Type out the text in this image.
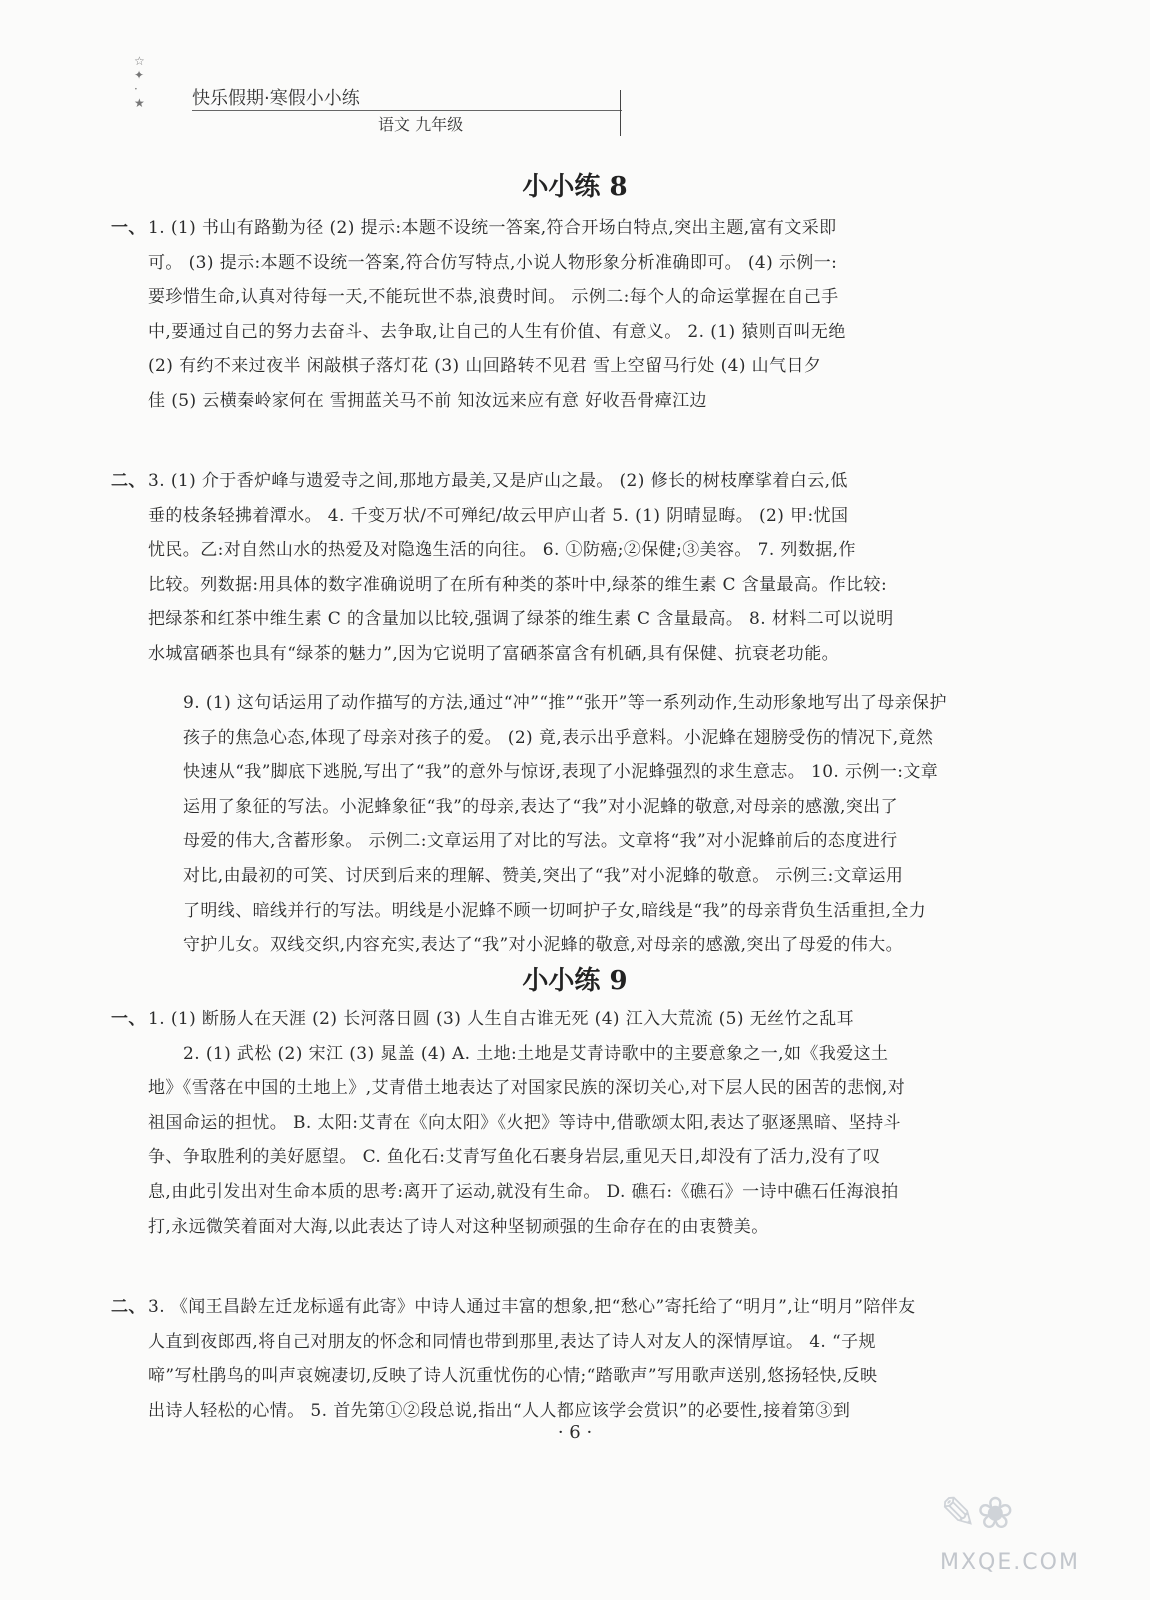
☆ ✦ · ★ 快乐假期·寒假小小练
语文 九年级
小小练 8
一、 1. (1) 书山有路勤为径 (2) 提示:本题不设统一答案,符合开场白特点,突出主题,富有文采即
可。 (3) 提示:本题不设统一答案,符合仿写特点,小说人物形象分析准确即可。 (4) 示例一:
要珍惜生命,认真对待每一天,不能玩世不恭,浪费时间。 示例二:每个人的命运掌握在自己手
中,要通过自己的努力去奋斗、去争取,让自己的人生有价值、有意义。 2. (1) 猿则百叫无绝
(2) 有约不来过夜半 闲敲棋子落灯花 (3) 山回路转不见君 雪上空留马行处 (4) 山气日夕
佳 (5) 云横秦岭家何在 雪拥蓝关马不前 知汝远来应有意 好收吾骨瘴江边
二、 3. (1) 介于香炉峰与遗爱寺之间,那地方最美,又是庐山之最。 (2) 修长的树枝摩挲着白云,低
垂的枝条轻拂着潭水。 4. 千变万状/不可殚纪/故云甲庐山者 5. (1) 阴晴显晦。 (2) 甲:忧国
忧民。乙:对自然山水的热爱及对隐逸生活的向往。 6. ①防癌;②保健;③美容。 7. 列数据,作
比较。列数据:用具体的数字准确说明了在所有种类的茶叶中,绿茶的维生素 C 含量最高。作比较:
把绿茶和红茶中维生素 C 的含量加以比较,强调了绿茶的维生素 C 含量最高。 8. 材料二可以说明
水城富硒茶也具有“绿茶的魅力”,因为它说明了富硒茶富含有机硒,具有保健、抗衰老功能。
9. (1) 这句话运用了动作描写的方法,通过“冲”“推”“张开”等一系列动作,生动形象地写出了母亲保护
孩子的焦急心态,体现了母亲对孩子的爱。 (2) 竟,表示出乎意料。小泥蜂在翅膀受伤的情况下,竟然
快速从“我”脚底下逃脱,写出了“我”的意外与惊讶,表现了小泥蜂强烈的求生意志。 10. 示例一:文章
运用了象征的写法。小泥蜂象征“我”的母亲,表达了“我”对小泥蜂的敬意,对母亲的感激,突出了
母爱的伟大,含蓄形象。 示例二:文章运用了对比的写法。文章将“我”对小泥蜂前后的态度进行
对比,由最初的可笑、讨厌到后来的理解、赞美,突出了“我”对小泥蜂的敬意。 示例三:文章运用
了明线、暗线并行的写法。明线是小泥蜂不顾一切呵护子女,暗线是“我”的母亲背负生活重担,全力
守护儿女。双线交织,内容充实,表达了“我”对小泥蜂的敬意,对母亲的感激,突出了母爱的伟大。
小小练 9
一、 1. (1) 断肠人在天涯 (2) 长河落日圆 (3) 人生自古谁无死 (4) 江入大荒流 (5) 无丝竹之乱耳
2. (1) 武松 (2) 宋江 (3) 晁盖 (4) A. 土地:土地是艾青诗歌中的主要意象之一,如《我爱这土
地》《雪落在中国的土地上》,艾青借土地表达了对国家民族的深切关心,对下层人民的困苦的悲悯,对
祖国命运的担忧。 B. 太阳:艾青在《向太阳》《火把》等诗中,借歌颂太阳,表达了驱逐黑暗、坚持斗
争、争取胜利的美好愿望。 C. 鱼化石:艾青写鱼化石裹身岩层,重见天日,却没有了活力,没有了叹
息,由此引发出对生命本质的思考:离开了运动,就没有生命。 D. 礁石:《礁石》一诗中礁石任海浪拍
打,永远微笑着面对大海,以此表达了诗人对这种坚韧顽强的生命存在的由衷赞美。
二、 3. 《闻王昌龄左迁龙标遥有此寄》中诗人通过丰富的想象,把“愁心”寄托给了“明月”,让“明月”陪伴友
人直到夜郎西,将自己对朋友的怀念和同情也带到那里,表达了诗人对友人的深情厚谊。 4. “子规
啼”写杜鹃鸟的叫声哀婉凄切,反映了诗人沉重忧伤的心情;“踏歌声”写用歌声送别,悠扬轻快,反映
出诗人轻松的心情。 5. 首先第①②段总说,指出“人人都应该学会赏识”的必要性,接着第③到
· 6 ·
✎❀
MXQE.COM
